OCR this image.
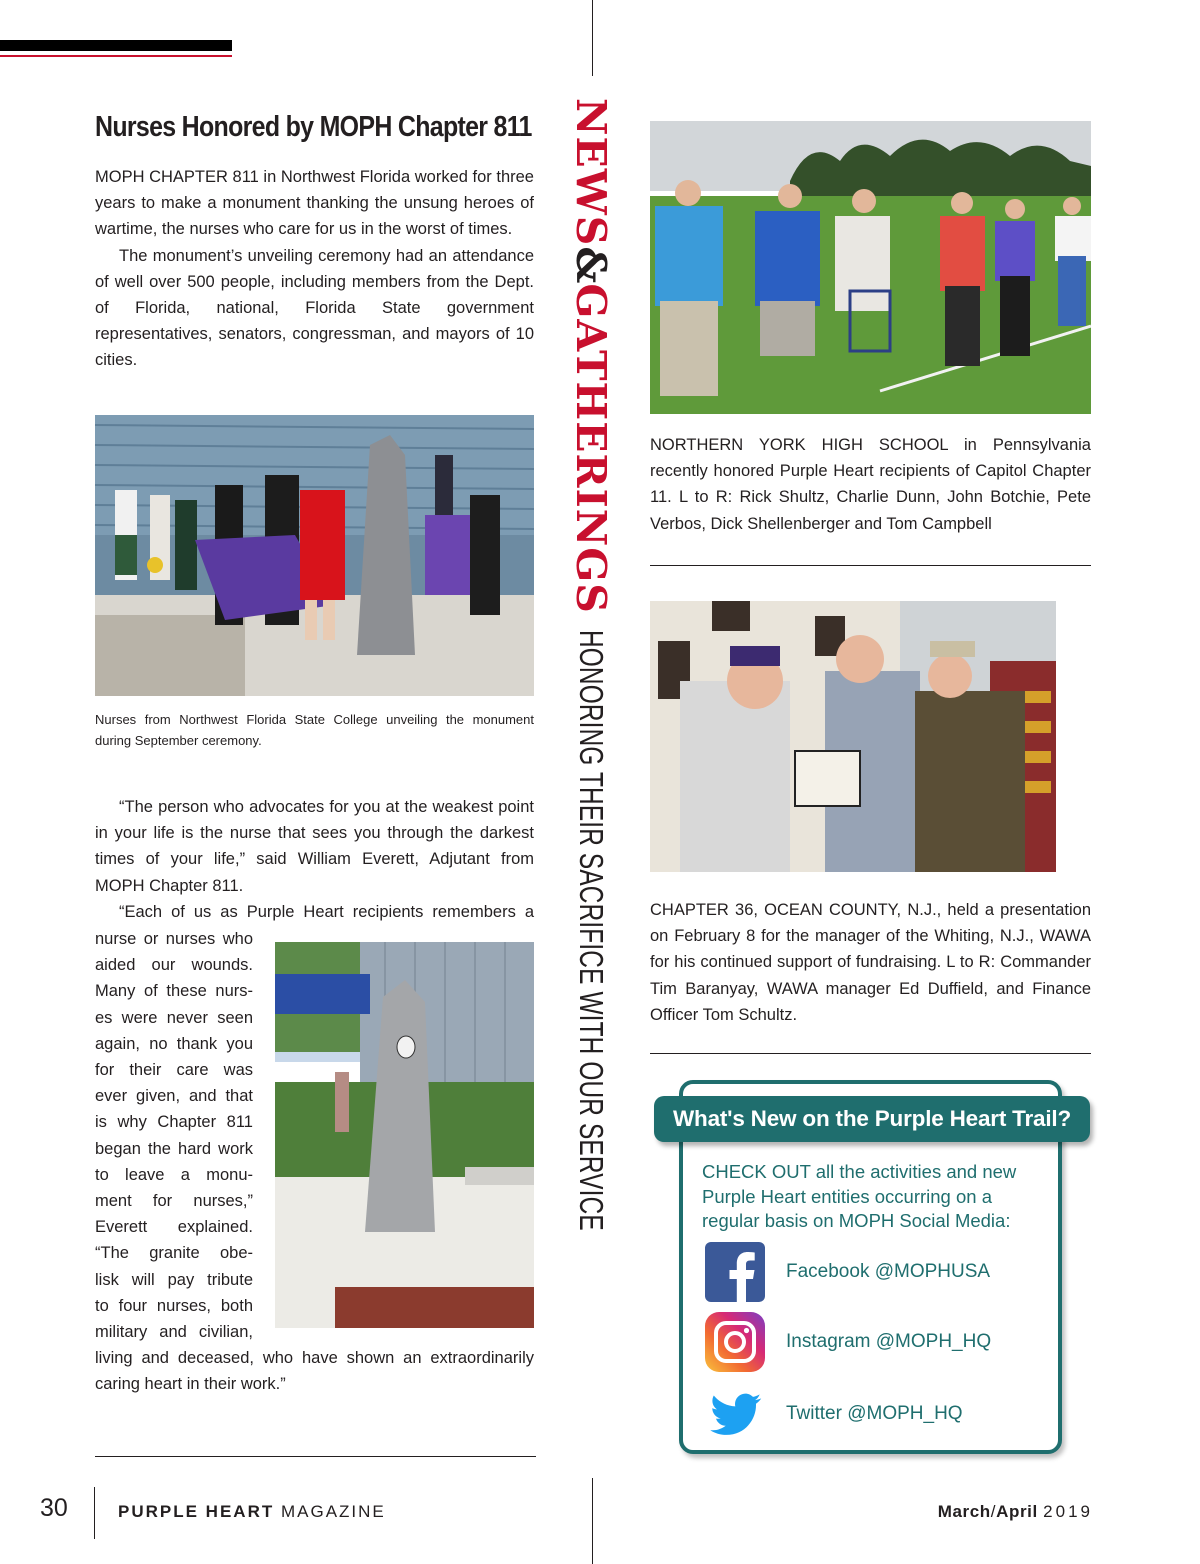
Nurses Honored by MOPH Chapter 811

MOPH CHAPTER 811 in Northwest Florida worked for three years to make a monument thanking the unsung heroes of wartime, the nurses who care for us in the worst of times.

The monument’s unveiling ceremony had an attendance of well over 500 people, including members from the Dept. of Florida, national, Florida State government representatives, senators, congressman, and mayors of 10 cities.

Nurses from Northwest Florida State College unveiling the monument during September ceremony.

“The person who advocates for you at the weakest point in your life is the nurse that sees you through the darkest times of your life,” said William Everett, Adjutant from MOPH Chapter 811.

“Each of us as Purple Heart recipients remembers a

nurse or nurses who
aided our wounds.
Many of these nurs-
es were never seen
again, no thank you
for their care was
ever given, and that
is why Chapter 811
began the hard work
to leave a monu-
ment for nurses,”
Everett explained.
“The granite obe-
lisk will pay tribute
to four nurses, both
military and civilian,
living and deceased, who have shown an extraordinarily
caring heart in their work.”
NEWS
&
GATHERINGS
HONORING THEIR SACRIFICE WITH OUR SERVICE
NORTHERN YORK HIGH SCHOOL in Pennsylvania recently honored Purple Heart recipients of Capitol Chapter 11. L to R: Rick Shultz, Charlie Dunn, John Botchie, Pete Verbos, Dick Shellenberger and Tom Campbell
CHAPTER 36, OCEAN COUNTY, N.J., held a presentation on February 8 for the manager of the Whiting, N.J., WAWA for his continued support of fundraising. L to R: Commander Tim Baranyay, WAWA manager Ed Duffield, and Finance Officer Tom Schultz.
What's New on the Purple Heart Trail?
CHECK OUT all the activities and new Purple Heart entities occurring on a regular basis on MOPH Social Media:
Facebook @MOPHUSA
Instagram @MOPH_HQ
Twitter @MOPH_HQ
30	PURPLE HEART MAGAZINE	March/April 2019
